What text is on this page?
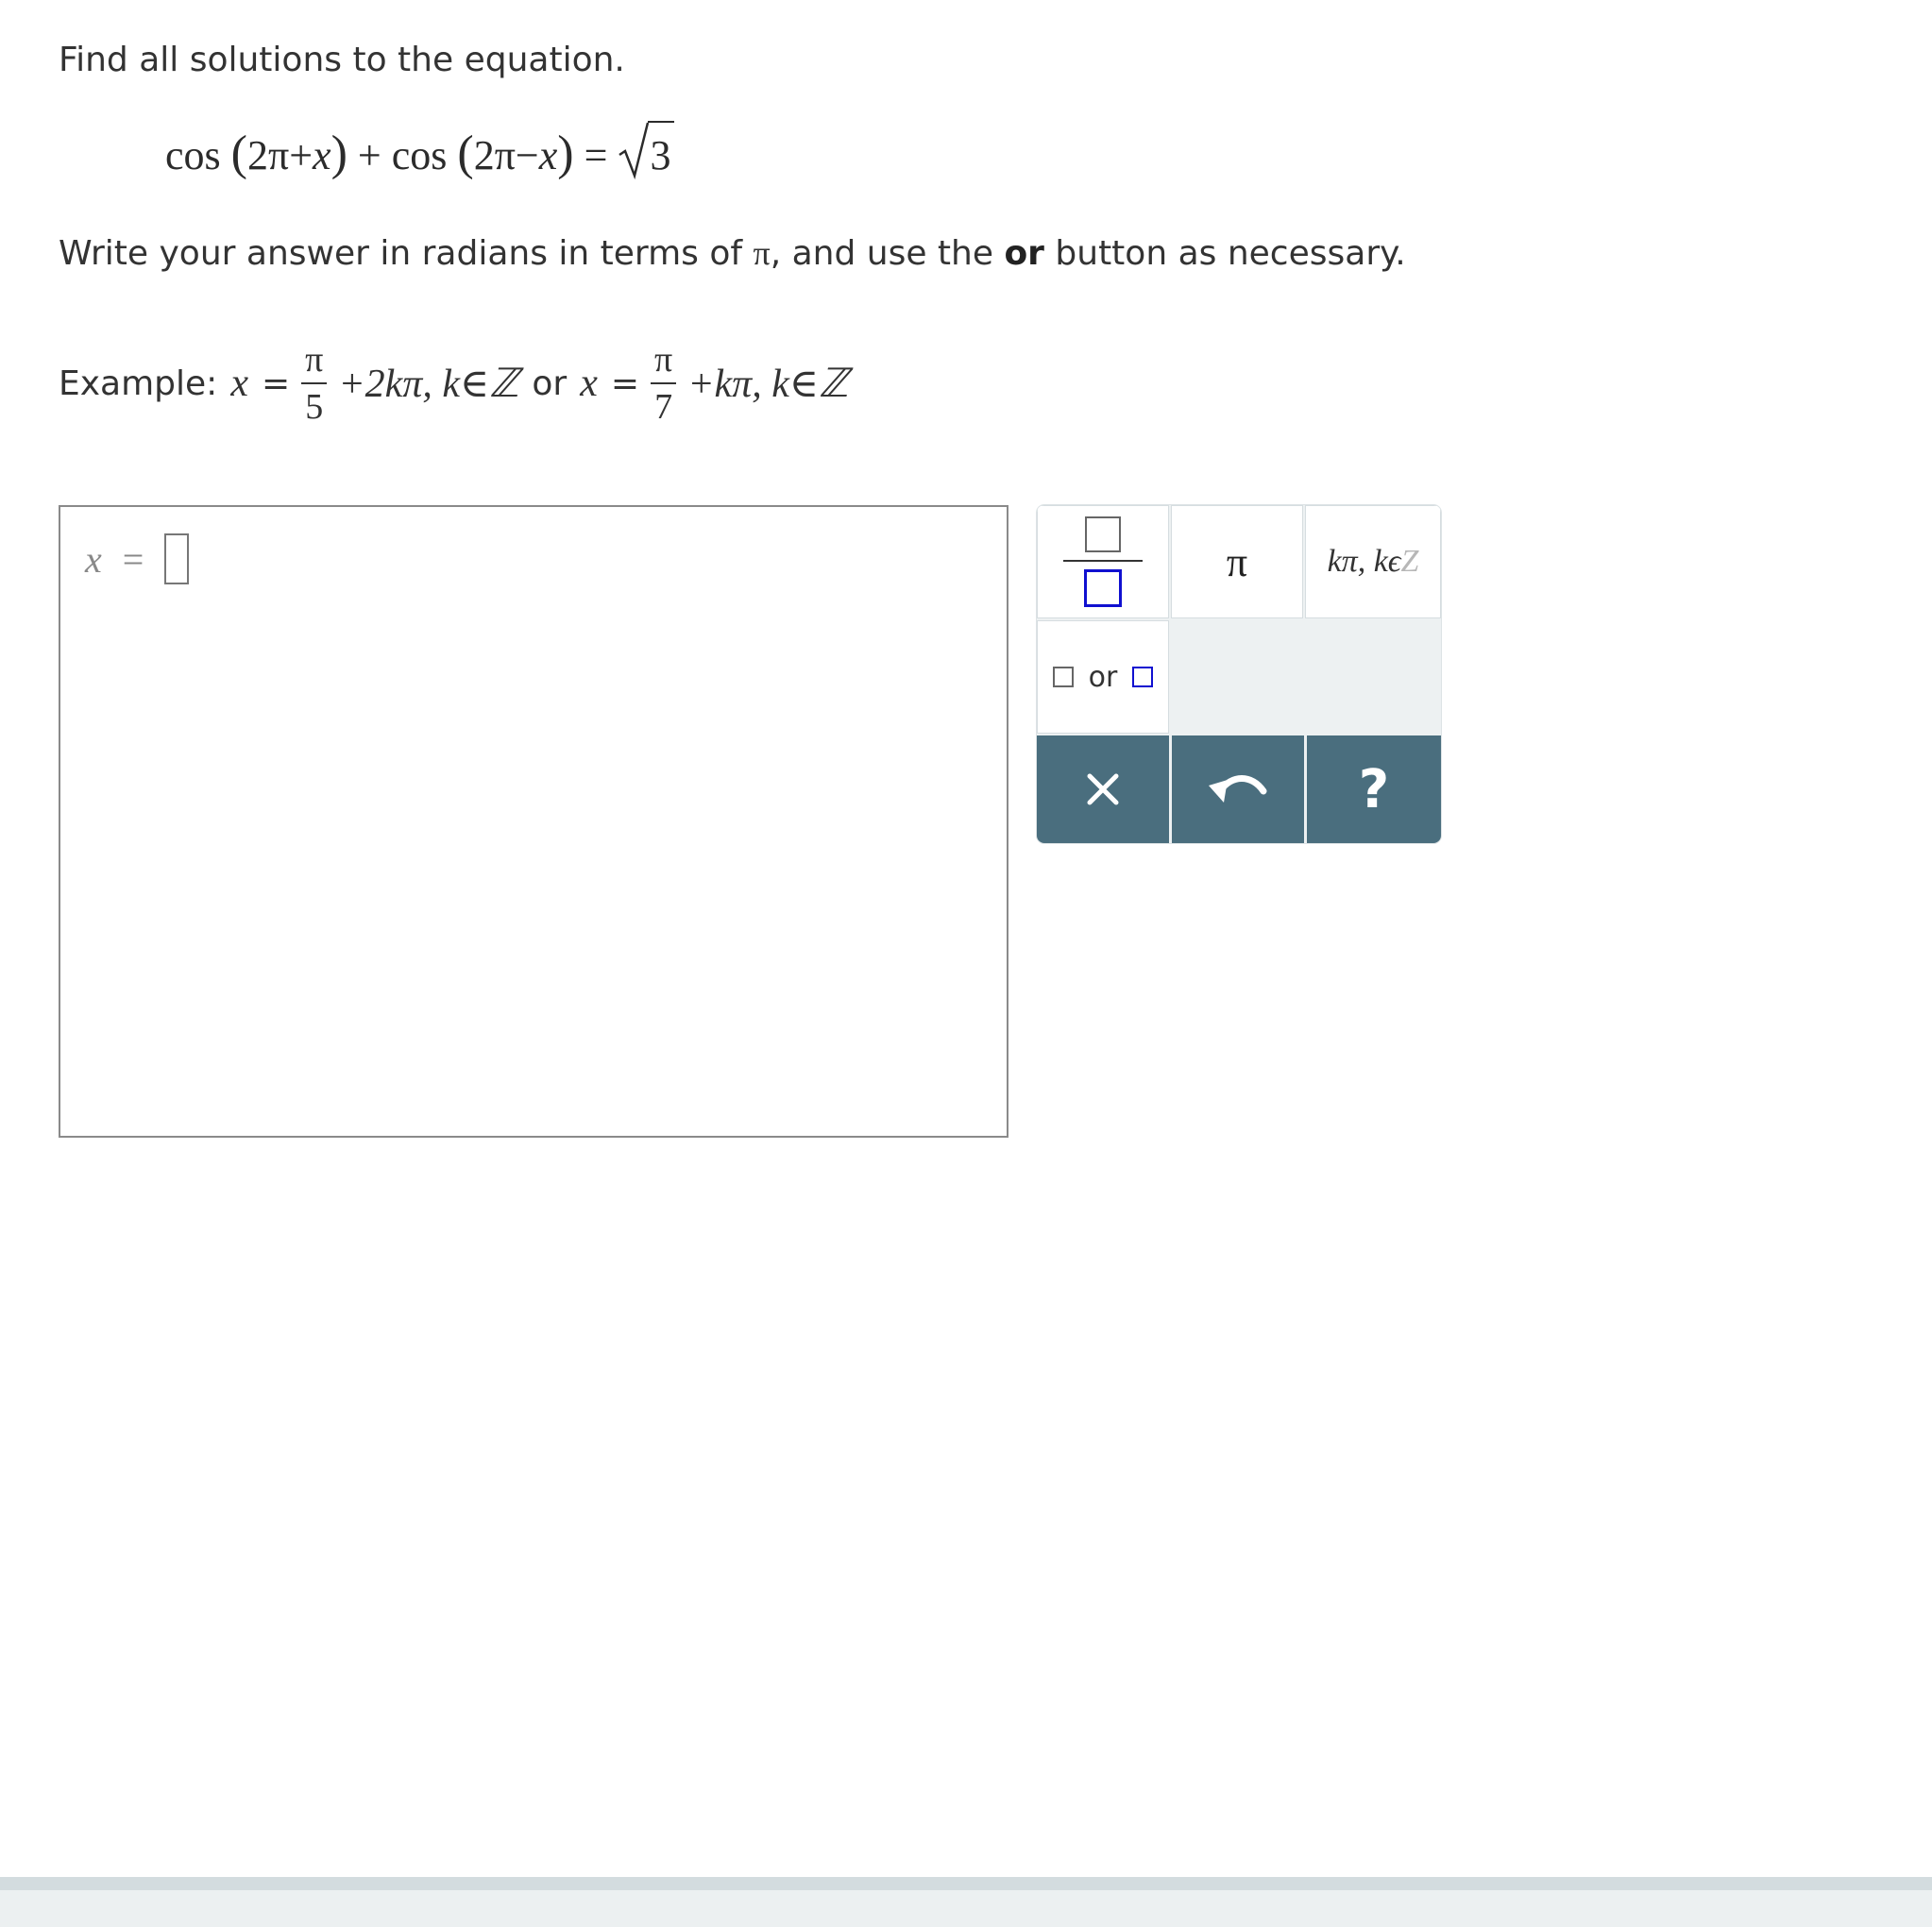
Find all solutions to the equation.
cos (2π+x) + cos (2π−x) = 3
Write your answer in radians in terms of π, and use the or button as necessary.
Example: $x = \frac{\pi}{5} +2k\pi$, k∈ℤ or $x = \frac{\pi}{7} +k\pi$, k∈ℤ
x =	π	kπ, kϵ Z
or
?
